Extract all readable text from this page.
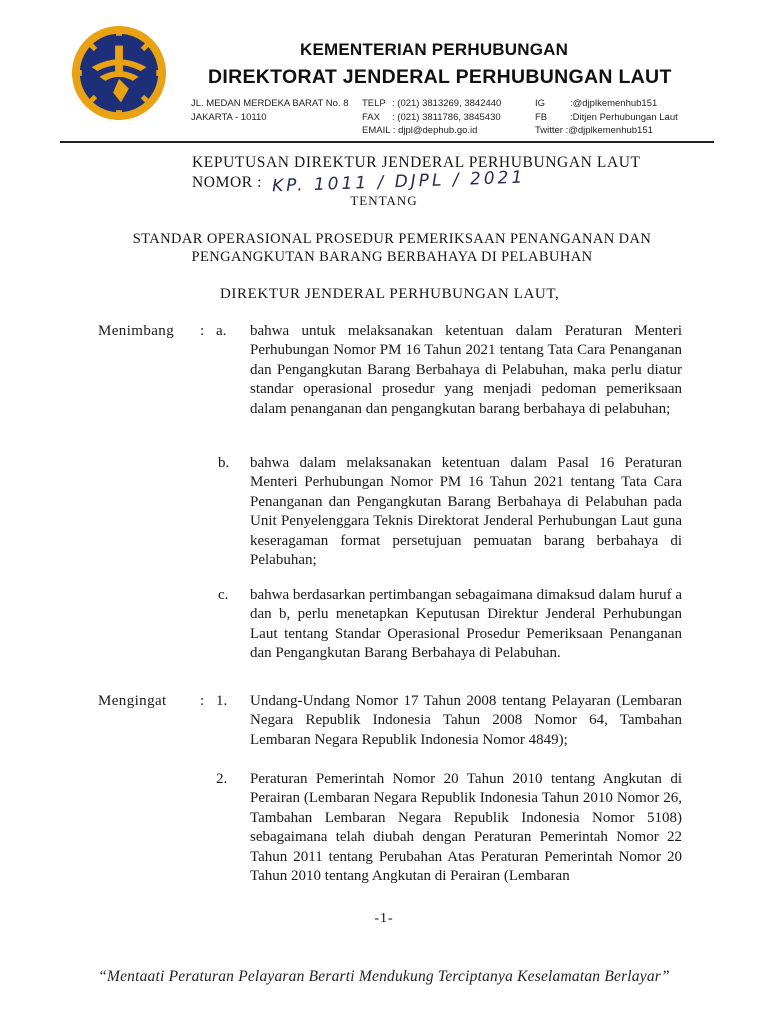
KEMENTERIAN PERHUBUNGAN
DIREKTORAT JENDERAL PERHUBUNGAN LAUT
JL. MEDAN MERDEKA BARAT No. 8
JAKARTA - 10110
TELP
FAX
: (021) 3813269, 3842440
: (021) 3811786, 3845430
EMAIL : djpl@dephub.go.id
IG
FB
:@djplkemenhub151
:Ditjen Perhubungan Laut
Twitter :@djplkemenhub151
KEPUTUSAN DIREKTUR JENDERAL PERHUBUNGAN LAUT
NOMOR : KP. 1011 / DJPL / 2021
TENTANG
STANDAR OPERASIONAL PROSEDUR PEMERIKSAAN PENANGANAN DAN
PENGANGKUTAN BARANG BERBAHAYA DI PELABUHAN
DIREKTUR JENDERAL PERHUBUNGAN LAUT,
Menimbang : a. bahwa untuk melaksanakan ketentuan dalam Peraturan Menteri Perhubungan Nomor PM 16 Tahun 2021 tentang Tata Cara Penanganan dan Pengangkutan Barang Berbahaya di Pelabuhan, maka perlu diatur standar operasional prosedur yang menjadi pedoman pemeriksaan dalam penanganan dan pengangkutan barang berbahaya di pelabuhan;
b. bahwa dalam melaksanakan ketentuan dalam Pasal 16 Peraturan Menteri Perhubungan Nomor PM 16 Tahun 2021 tentang Tata Cara Penanganan dan Pengangkutan Barang Berbahaya di Pelabuhan pada Unit Penyelenggara Teknis Direktorat Jenderal Perhubungan Laut guna keseragaman format persetujuan pemuatan barang berbahaya di Pelabuhan;
c. bahwa berdasarkan pertimbangan sebagaimana dimaksud dalam huruf a dan b, perlu menetapkan Keputusan Direktur Jenderal Perhubungan Laut tentang Standar Operasional Prosedur Pemeriksaan Penanganan dan Pengangkutan Barang Berbahaya di Pelabuhan.
Mengingat : 1. Undang-Undang Nomor 17 Tahun 2008 tentang Pelayaran (Lembaran Negara Republik Indonesia Tahun 2008 Nomor 64, Tambahan Lembaran Negara Republik Indonesia Nomor 4849);
2. Peraturan Pemerintah Nomor 20 Tahun 2010 tentang Angkutan di Perairan (Lembaran Negara Republik Indonesia Tahun 2010 Nomor 26, Tambahan Lembaran Negara Republik Indonesia Nomor 5108) sebagaimana telah diubah dengan Peraturan Pemerintah Nomor 22 Tahun 2011 tentang Perubahan Atas Peraturan Pemerintah Nomor 20 Tahun 2010 tentang Angkutan di Perairan (Lembaran
-1-
“Mentaati Peraturan Pelayaran Berarti Mendukung Terciptanya Keselamatan Berlayar”
